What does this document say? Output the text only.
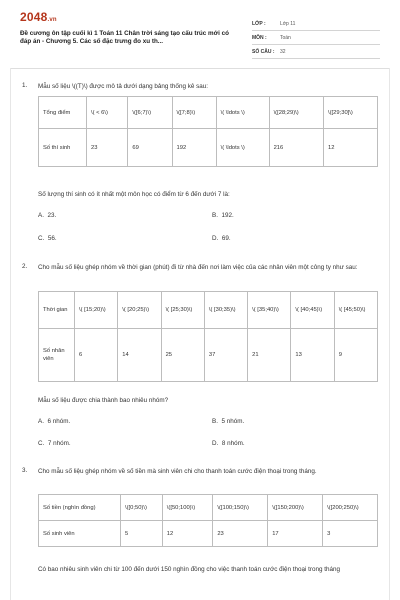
2048.vn
Đề cương ôn tập cuối kì 1 Toán 11 Chân trời sáng tạo cấu trúc mới có đáp án - Chương 5. Các số đặc trưng đo xu th...
LỚP :	Lớp 11
MÔN :	Toán
SỐ CÂU :	32
1. Mẫu số liệu \((T)\) được mô tả dưới dạng bảng thống kê sau:
Tổng điểm	\( < 6\)	\([6;7)\)	\([7;8)\)	\( \ldots \)	\([28;29)\)	\([29;30]\)
Số thí sinh	23	69	192	\( \ldots \)	216	12
Số lượng thí sinh có ít nhất một môn học có điểm từ 6 đến dưới 7 là:
A. 23.	B. 192.
C. 56.	D. 69.
2. Cho mẫu số liệu ghép nhóm về thời gian (phút) đi từ nhà đến nơi làm việc của các nhân viên một công ty như sau:
Thời gian	\( [15;20)\)	\( [20;25)\)	\( [25;30)\)	\( [30;35)\)	\( [35;40)\)	\( [40;45)\)	\( [45;50)\)
Số nhân viên	6	14	25	37	21	13	9
Mẫu số liệu được chia thành bao nhiêu nhóm?
A. 6 nhóm.	B. 5 nhóm.
C. 7 nhóm.	D. 8 nhóm.
3. Cho mẫu số liệu ghép nhóm về số tiền mà sinh viên chi cho thanh toán cước điện thoại trong tháng.
Số tiền (nghìn đồng)	\([0;50)\)	\([50;100)\)	\([100;150)\)	\([150;200)\)	\([200;250)\)
Số sinh viên	5	12	23	17	3
Có bao nhiêu sinh viên chi từ 100 đến dưới 150 nghìn đồng cho việc thanh toán cước điện thoại trong tháng
